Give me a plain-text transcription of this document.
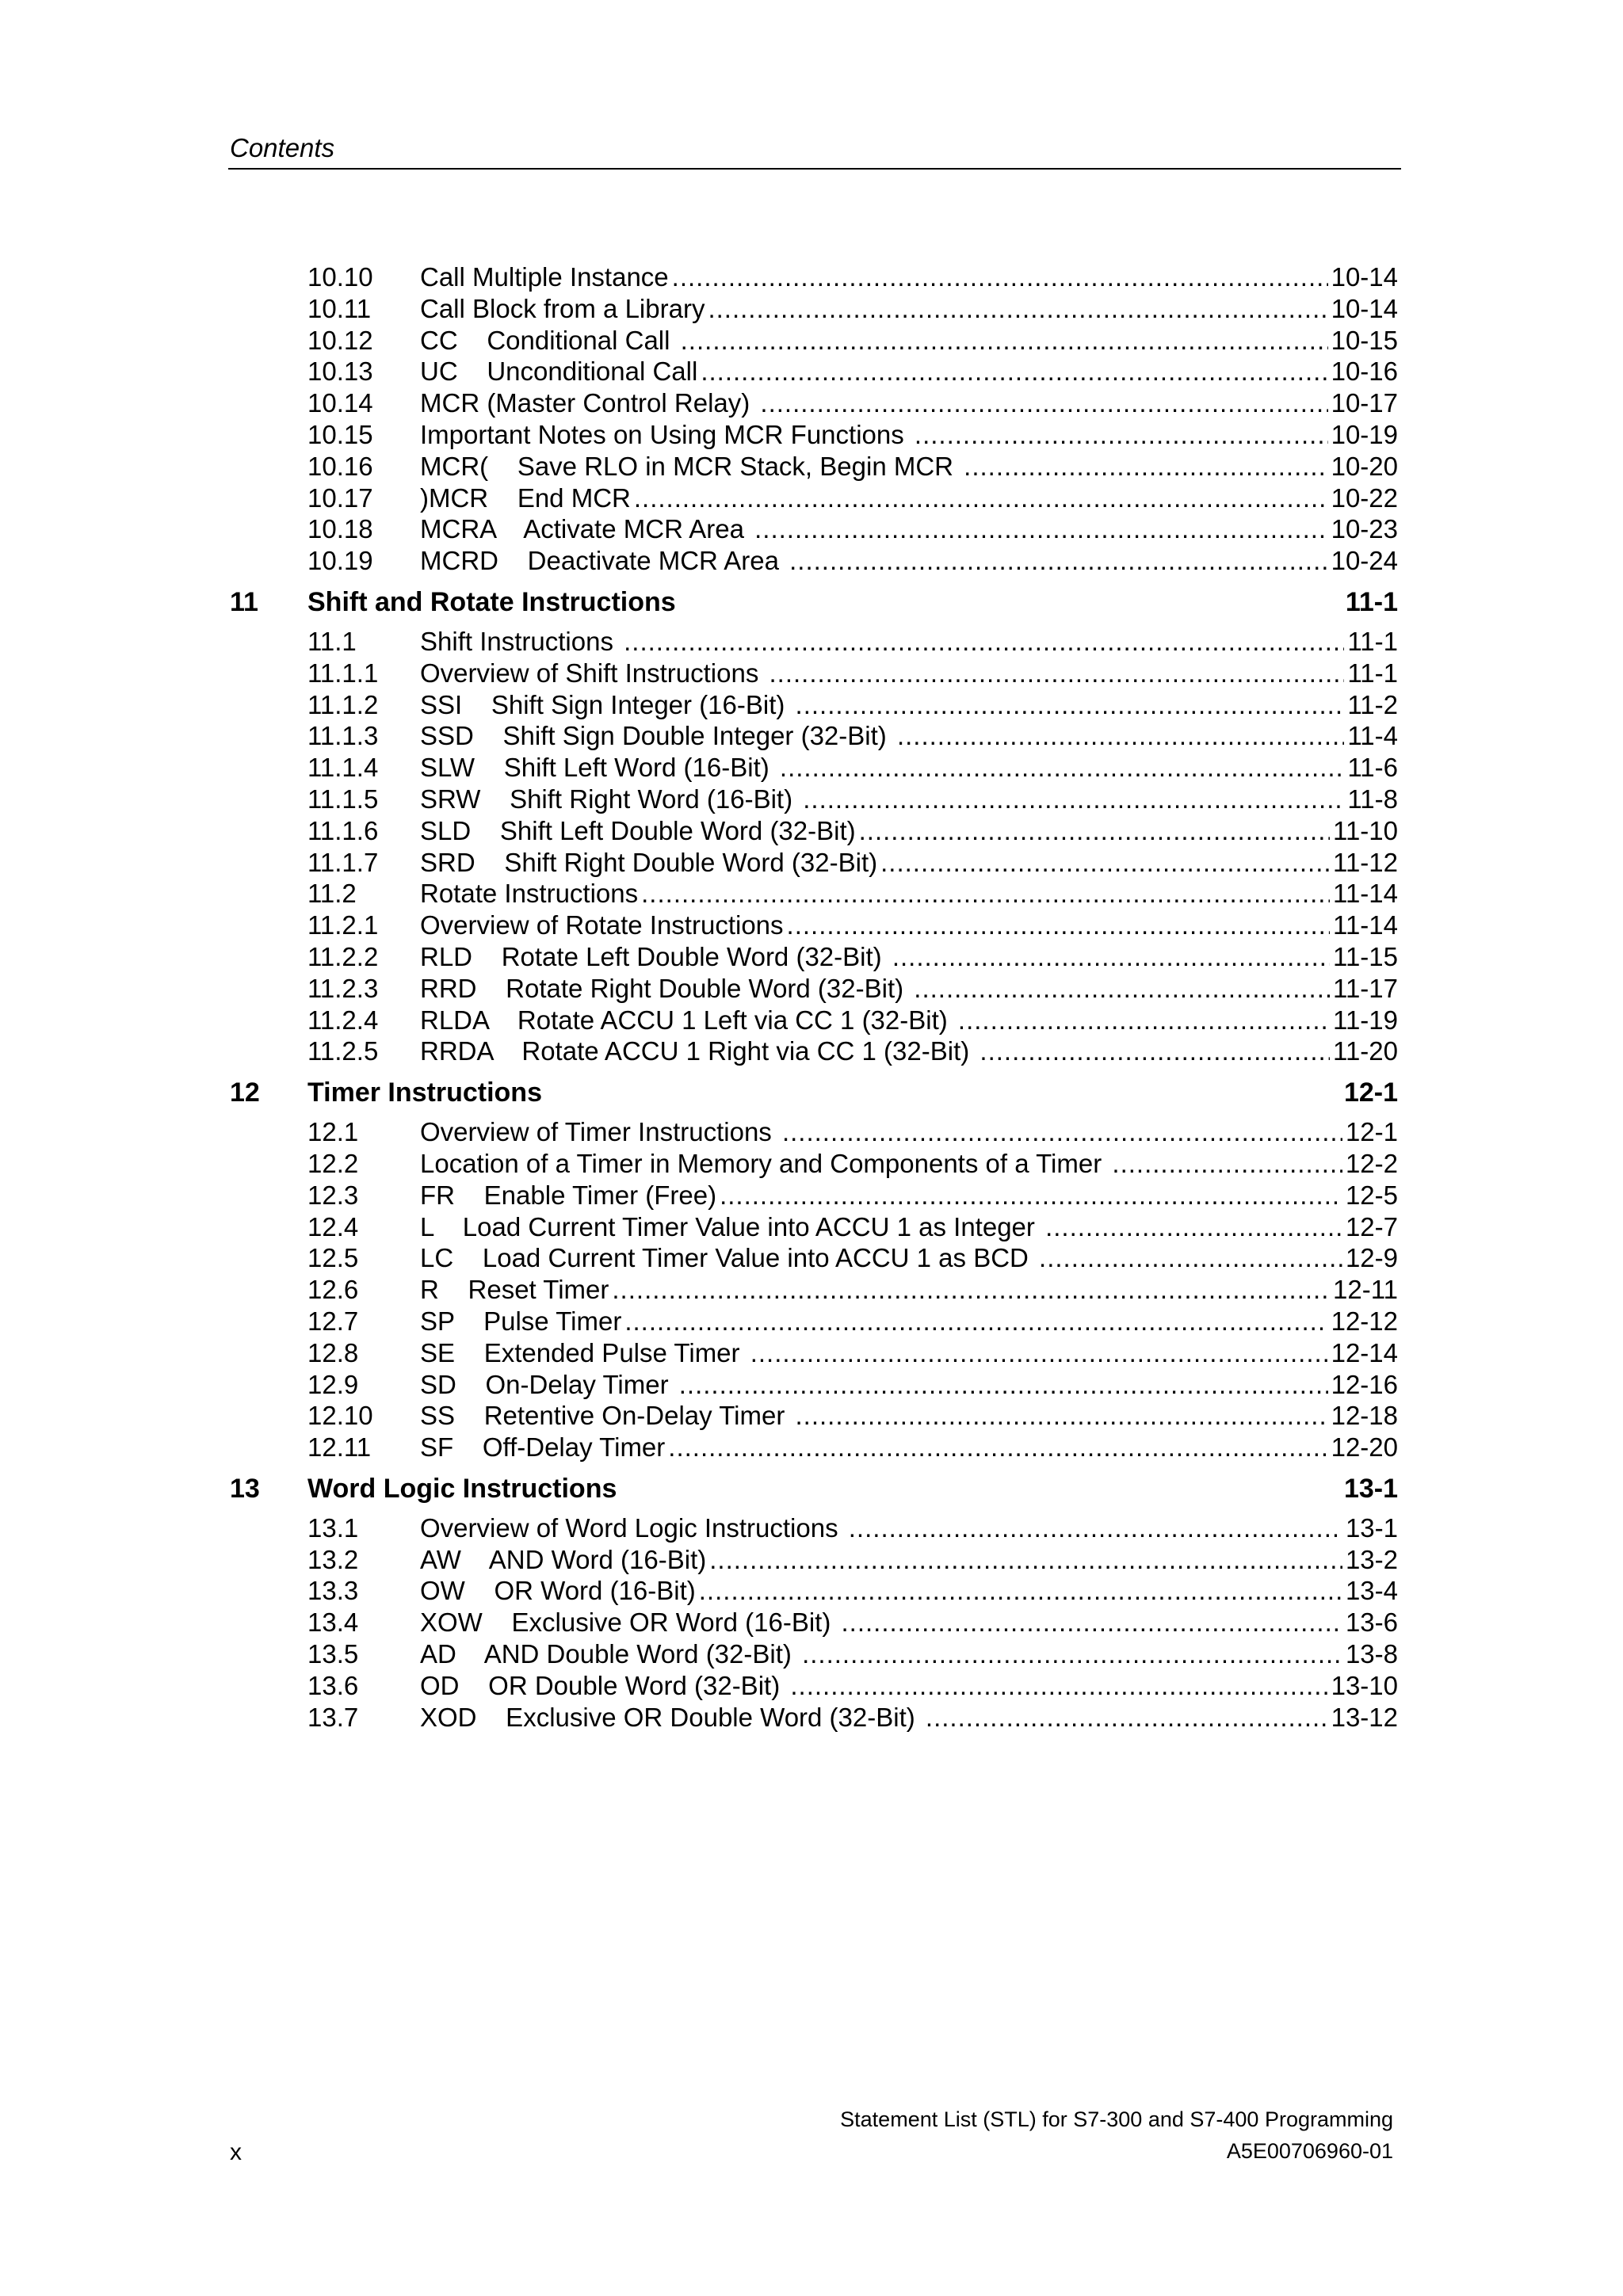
Contents
10.10	Call Multiple Instance .....	10-14
10.11	Call Block from a Library .....	10-14
10.12	CC    Conditional Call .....	10-15
10.13	UC    Unconditional Call .....	10-16
10.14	MCR (Master Control Relay) .....	10-17
10.15	Important Notes on Using MCR Functions .....	10-19
10.16	MCR(    Save RLO in MCR Stack, Begin MCR .....	10-20
10.17	)MCR    End MCR .....	10-22
10.18	MCRA    Activate MCR Area .....	10-23
10.19	MCRD    Deactivate MCR Area .....	10-24
11	Shift and Rotate Instructions	11-1
11.1	Shift Instructions .....	11-1
11.1.1	Overview of Shift Instructions .....	11-1
11.1.2	SSI    Shift Sign Integer (16-Bit) .....	11-2
11.1.3	SSD    Shift Sign Double Integer (32-Bit) .....	11-4
11.1.4	SLW    Shift Left Word (16-Bit) .....	11-6
11.1.5	SRW    Shift Right Word (16-Bit) .....	11-8
11.1.6	SLD    Shift Left Double Word (32-Bit) .....	11-10
11.1.7	SRD    Shift Right Double Word (32-Bit) .....	11-12
11.2	Rotate Instructions .....	11-14
11.2.1	Overview of Rotate Instructions .....	11-14
11.2.2	RLD    Rotate Left Double Word (32-Bit) .....	11-15
11.2.3	RRD    Rotate Right Double Word (32-Bit) .....	11-17
11.2.4	RLDA    Rotate ACCU 1 Left via CC 1 (32-Bit) .....	11-19
11.2.5	RRDA    Rotate ACCU 1 Right via CC 1 (32-Bit) .....	11-20
12	Timer Instructions	12-1
12.1	Overview of Timer Instructions .....	12-1
12.2	Location of a Timer in Memory and Components of a Timer .....	12-2
12.3	FR    Enable Timer (Free) .....	12-5
12.4	L    Load Current Timer Value into ACCU 1 as Integer .....	12-7
12.5	LC    Load Current Timer Value into ACCU 1 as BCD .....	12-9
12.6	R    Reset Timer .....	12-11
12.7	SP    Pulse Timer .....	12-12
12.8	SE    Extended Pulse Timer .....	12-14
12.9	SD    On-Delay Timer .....	12-16
12.10	SS    Retentive On-Delay Timer .....	12-18
12.11	SF    Off-Delay Timer .....	12-20
13	Word Logic Instructions	13-1
13.1	Overview of Word Logic Instructions .....	13-1
13.2	AW    AND Word (16-Bit) .....	13-2
13.3	OW    OR Word (16-Bit) .....	13-4
13.4	XOW    Exclusive OR Word (16-Bit) .....	13-6
13.5	AD    AND Double Word (32-Bit) .....	13-8
13.6	OD    OR Double Word (32-Bit) .....	13-10
13.7	XOD    Exclusive OR Double Word (32-Bit) .....	13-12
Statement List (STL) for S7-300 and S7-400 Programming
x	A5E00706960-01
